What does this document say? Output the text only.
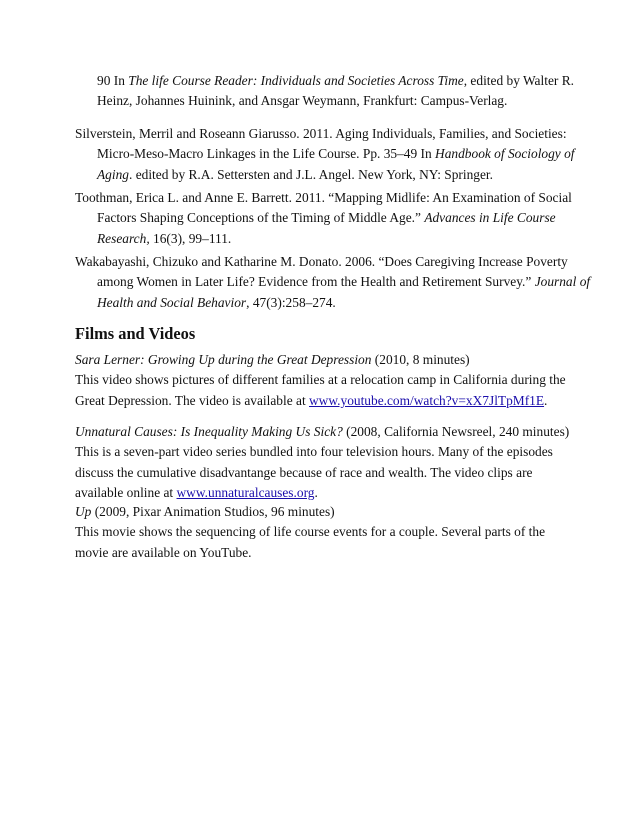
90 In The life Course Reader: Individuals and Societies Across Time, edited by Walter R. Heinz, Johannes Huinink, and Ansgar Weymann, Frankfurt: Campus-Verlag.

Silverstein, Merril and Roseann Giarusso. 2011. Aging Individuals, Families, and Societies: Micro-Meso-Macro Linkages in the Life Course. Pp. 35–49 In Handbook of Sociology of Aging. edited by R.A. Settersten and J.L. Angel. New York, NY: Springer.

Toothman, Erica L. and Anne E. Barrett. 2011. “Mapping Midlife: An Examination of Social Factors Shaping Conceptions of the Timing of Middle Age.” Advances in Life Course Research, 16(3), 99–111.

Wakabayashi, Chizuko and Katharine M. Donato. 2006. “Does Caregiving Increase Poverty among Women in Later Life? Evidence from the Health and Retirement Survey.” Journal of Health and Social Behavior, 47(3):258–274.

Films and Videos

Sara Lerner: Growing Up during the Great Depression (2010, 8 minutes)
This video shows pictures of different families at a relocation camp in California during the Great Depression. The video is available at www.youtube.com/watch?v=xX7JlTpMf1E.

Unnatural Causes: Is Inequality Making Us Sick? (2008, California Newsreel, 240 minutes)
This is a seven-part video series bundled into four television hours. Many of the episodes discuss the cumulative disadvantange because of race and wealth. The video clips are available online at www.unnaturalcauses.org.

Up (2009, Pixar Animation Studios, 96 minutes)
This movie shows the sequencing of life course events for a couple. Several parts of the movie are available on YouTube.
